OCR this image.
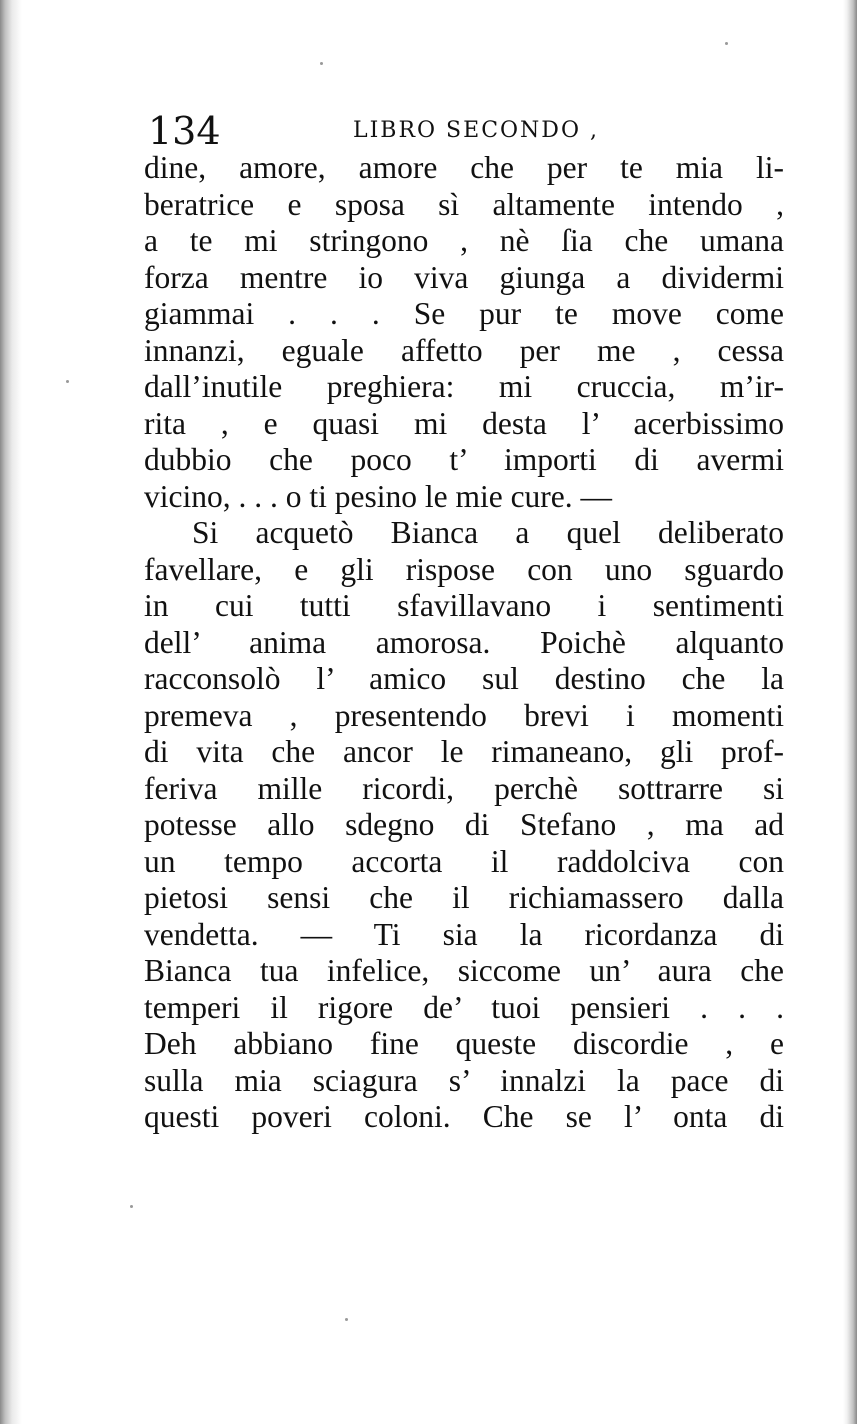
134	LIBRO SECONDO ,
dine, amore, amore che per te mia li-
beratrice e sposa sì altamente intendo ,
a te mi stringono , nè ſia che umana
forza mentre io viva giunga a dividermi
giammai . . . Se pur te move come
innanzi, eguale affetto per me , cessa
dall’inutile preghiera: mi cruccia, m’ir-
rita , e quasi mi desta l’ acerbissimo
dubbio che poco t’ importi di avermi
vicino, . . . o ti pesino le mie cure. —
Si acquetò Bianca a quel deliberato
favellare, e gli rispose con uno sguardo
in cui tutti sfavillavano i sentimenti
dell’ anima amorosa. Poichè alquanto
racconsolò l’ amico sul destino che la
premeva , presentendo brevi i momenti
di vita che ancor le rimaneano, gli prof-
feriva mille ricordi, perchè sottrarre si
potesse allo sdegno di Stefano , ma ad
un tempo accorta il raddolciva con
pietosi sensi che il richiamassero dalla
vendetta. — Ti sia la ricordanza di
Bianca tua infelice, siccome un’ aura che
temperi il rigore de’ tuoi pensieri . . .
Deh abbiano fine queste discordie , e
sulla mia sciagura s’ innalzi la pace di
questi poveri coloni. Che se l’ onta di
